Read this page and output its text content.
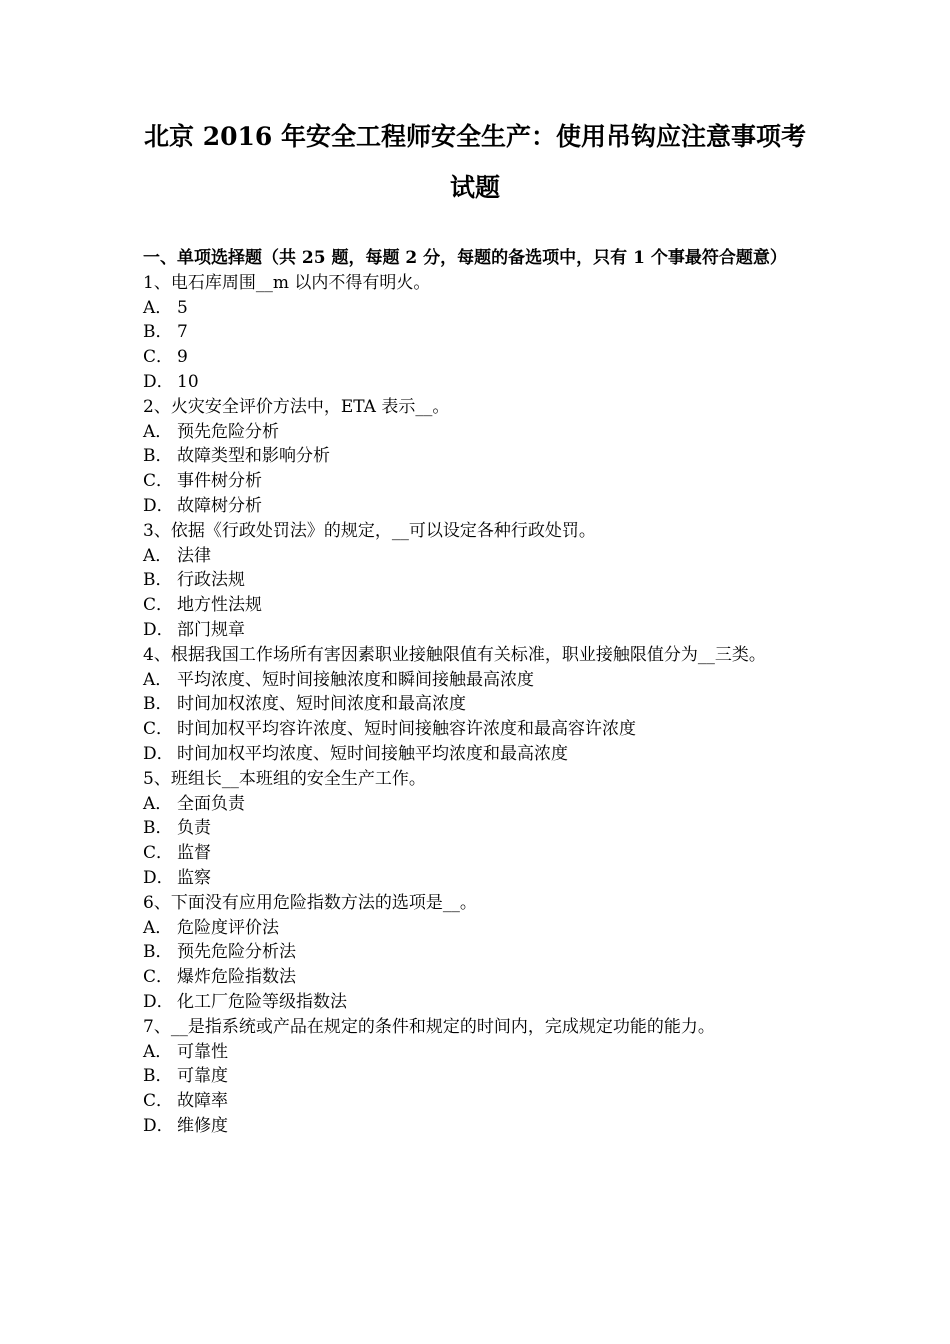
北京 2016 年安全工程师安全生产：使用吊钩应注意事项考
试题

一、单项选择题（共 25 题，每题 2 分，每题的备选项中，只有 1 个事最符合题意）

1、电石库周围__m 以内不得有明火。

A． 5

B． 7

C． 9

D． 10

2、火灾安全评价方法中，ETA 表示__。

A． 预先危险分析

B． 故障类型和影响分析

C． 事件树分析

D． 故障树分析

3、依据《行政处罚法》的规定，__可以设定各种行政处罚。

A． 法律

B． 行政法规

C． 地方性法规

D． 部门规章

4、根据我国工作场所有害因素职业接触限值有关标准，职业接触限值分为__三类。

A． 平均浓度、短时间接触浓度和瞬间接触最高浓度

B． 时间加权浓度、短时间浓度和最高浓度

C． 时间加权平均容许浓度、短时间接触容许浓度和最高容许浓度

D． 时间加权平均浓度、短时间接触平均浓度和最高浓度

5、班组长__本班组的安全生产工作。

A． 全面负责

B． 负责

C． 监督

D． 监察

6、下面没有应用危险指数方法的选项是__。

A． 危险度评价法

B． 预先危险分析法

C． 爆炸危险指数法

D． 化工厂危险等级指数法

7、__是指系统或产品在规定的条件和规定的时间内，完成规定功能的能力。

A． 可靠性

B． 可靠度

C． 故障率

D． 维修度
